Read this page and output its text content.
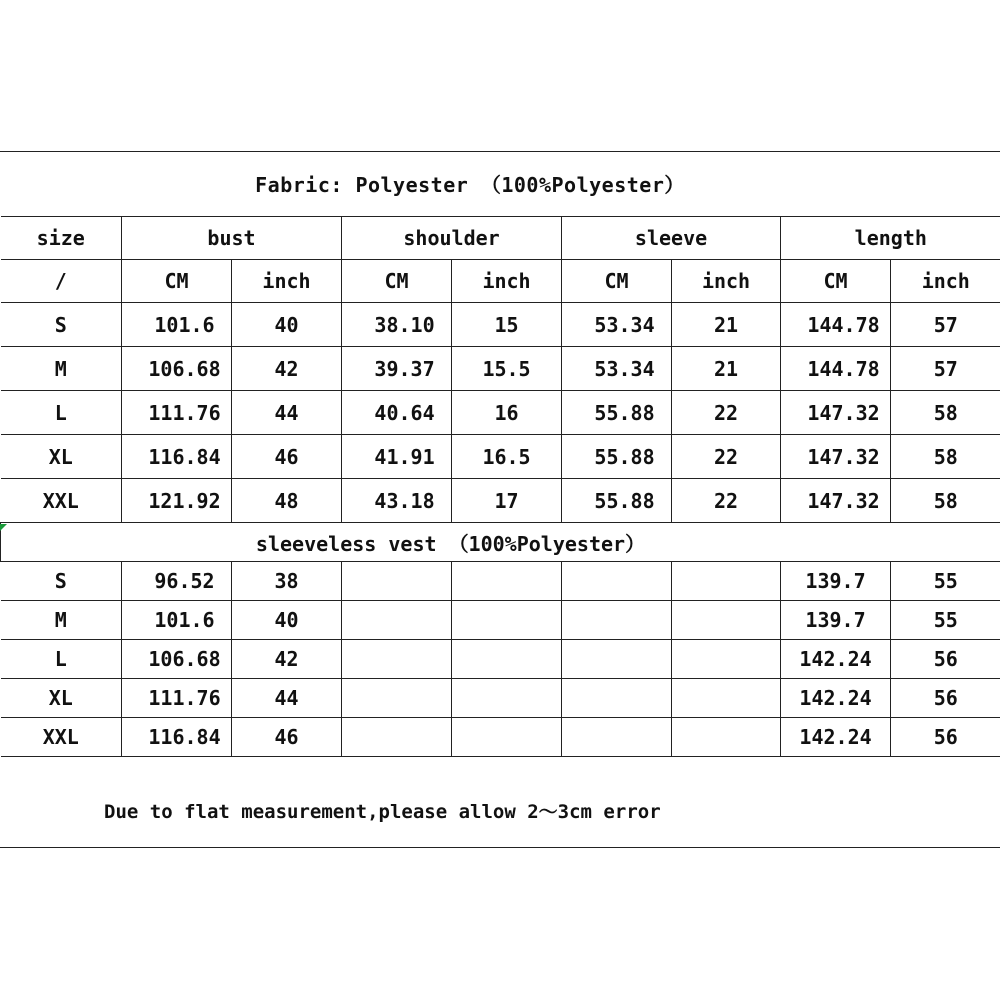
Fabric: Polyester （100%Polyester）
size	bust		shoulder		sleeve		length	
/	CM	inch	CM	inch	CM	inch	CM	inch
S	101.6	40	38.10	15	53.34	21	144.78	57
M	106.68	42	39.37	15.5	53.34	21	144.78	57
L	111.76	44	40.64	16	55.88	22	147.32	58
XL	116.84	46	41.91	16.5	55.88	22	147.32	58
XXL	121.92	48	43.18	17	55.88	22	147.32	58
sleeveless vest （100%Polyester）								
S	96.52	38					139.7	55
M	101.6	40					139.7	55
L	106.68	42					142.24	56
XL	111.76	44					142.24	56
XXL	116.84	46					142.24	56
Due to flat measurement,please allow 2～3cm error
